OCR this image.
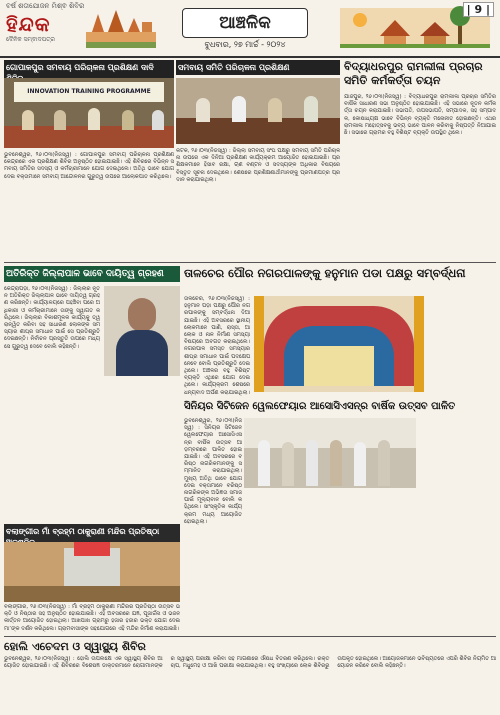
ବର୍ଷ ଶତାଯୋଜନ ମିଶ୍ଵ ଶିବିର
ହିନ୍ଦକ
ଦୈନିକ ସମ୍ବାଦପତ୍ର
ଆଞ୍ଚଳିକ
ବୁଧବାର, ୨୭ ମାର୍ଚ୍ଚ - ୨୦୨୪
| 9 |
ଗୋପାଳପୁର ସମବାୟ ପରିଚାଳନା ପ୍ରଶିକ୍ଷଣ ଦାଦି
INNOVATION TRAINING PROGRAMME
ଭୁବନେଶ୍ୱର, ୨୬।୦୩(ନିଜସ୍ୱ) : ଗୋପାଳପୁର ସମବାୟ ପରିଚାଳନା ପ୍ରଶିକ୍ଷଣ କେନ୍ଦ୍ରରେ ଏକ ପ୍ରଶିକ୍ଷଣ ଶିବିର ଅନୁଷ୍ଠିତ ହୋଇଯାଇଛି। ଏହି ଶିବିରରେ ବିଭିନ୍ନ ସମବାୟ ସମିତିର ସଦସ୍ୟ ଓ କର୍ମଚାରୀମାନେ ଯୋଗ ଦେଇଥିଲେ। ଅତିଥି ଭାବେ ଯୋଗ ଦେଇ ବକ୍ତାମାନେ ସମବାୟ ଆନ୍ଦୋଳନର ଗୁରୁତ୍ୱ ଉପରେ ଆଲୋକପାତ କରିଥିଲେ।
ସମବାୟ ସମିତି ପରିଚାଳନା ପ୍ରଶିକ୍ଷଣ
କଟକ, ୨୬।୦୩(ନିଜସ୍ୱ) : ଜିଲ୍ଲା ସମବାୟ ସଂଘ ପକ୍ଷରୁ ସମବାୟ ସମିତି ପରିଚାଳନା ଉପରେ ଏକ ଦିନିଆ ପ୍ରଶିକ୍ଷଣ କାର୍ଯ୍ୟକ୍ରମ ଆୟୋଜିତ ହୋଇଯାଇଛି। ପ୍ରଶିକ୍ଷକମାନେ ହିସାବ ରକ୍ଷା, ଋଣ ବଣ୍ଟନ ଓ ସଦସ୍ୟଙ୍କ ଅଧିକାର ବିଷୟରେ ବିସ୍ତୃତ ସୂଚନା ଦେଇଥିଲେ। ଶେଷରେ ପ୍ରଶିକ୍ଷଣାର୍ଥୀମାନଙ୍କୁ ପ୍ରମାଣପତ୍ର ପ୍ରଦାନ କରାଯାଇଥିଲା।
ବିଦ୍ୟାଧରପୁର ରାମଲୀଳା ପ୍ରଚାର ସମିତି କର୍ମକର୍ତ୍ତା ଚୟନ
ଯାଜପୁର, ୨୬।୦୩(ନିଜସ୍ୱ) : ବିଦ୍ୟାଧରପୁର ରାମଲୀଳା ପ୍ରଚାର ସମିତିର ବାର୍ଷିକ ସାଧାରଣ ସଭା ଅନୁଷ୍ଠିତ ହୋଇଯାଇଛି। ଏହି ସଭାରେ ନୂତନ କର୍ମକର୍ତ୍ତା ଚୟନ କରାଯାଇଛି। ସଭାପତି, ଉପସଭାପତି, ସମ୍ପାଦକ, ସହ ସମ୍ପାଦକ, କୋଷାଧ୍ୟକ୍ଷ ଭାବେ ବିଭିନ୍ନ ବ୍ୟକ୍ତି ମନୋନୀତ ହୋଇଛନ୍ତି। ଏଥର ରାମଲୀଳା ମହୋତ୍ସବକୁ ଭବ୍ୟ ଭାବେ ପାଳନ କରିବାକୁ ନିଷ୍ପତ୍ତି ନିଆଯାଇଛି। ସଭାରେ ଗ୍ରାମର ବହୁ ବିଶିଷ୍ଟ ବ୍ୟକ୍ତି ଉପସ୍ଥିତ ଥିଲେ।
ଅତିରିକ୍ତ ଜିଲ୍ଲାପାଳ ଭାବେ ଦାୟିତ୍ୱ ଗ୍ରହଣ
କେନ୍ଦ୍ରାପଡ଼ା, ୨୬।୦୩(ନିଜସ୍ୱ) : ଜିଲ୍ଲାର ନୂତନ ଅତିରିକ୍ତ ଜିଲ୍ଲାପାଳ ଭାବେ ଦାୟିତ୍ୱ ଗ୍ରହଣ କରିଛନ୍ତି। କାର୍ଯ୍ୟାଳୟରେ ପହଞ୍ଚିବା ପରେ ଅଧିକାରୀ ଓ କର୍ମଚାରୀମାନେ ତାଙ୍କୁ ସ୍ୱାଗତ କରିଥିଲେ। ଜିଲ୍ଲାର ବିକାଶମୂଳକ କାର୍ଯ୍ୟକୁ ତ୍ୱରାନ୍ୱିତ କରିବା ସହ ସାଧାରଣ ଲୋକଙ୍କ ସମସ୍ୟାର ଶୀଘ୍ର ସମାଧାନ ପାଇଁ ସେ ପ୍ରତିଶ୍ରୁତି ଦେଇଛନ୍ତି। ନିର୍ବାଚନ ପ୍ରସ୍ତୁତି ଉପରେ ମଧ୍ୟ ସେ ଗୁରୁତ୍ୱ ଦେବେ ବୋଲି କହିଛନ୍ତି।
ତାଳଚେର ପୌର ନଗରପାଳଙ୍କୁ ହନୁମାନ ପଡା ପକ୍ଷରୁ ସମ୍ବର୍ଦ୍ଧନା
ତାଳଚେର, ୨୬।୦୩(ନିଜସ୍ୱ) : ହନୁମାନ ପଡ଼ା ପକ୍ଷରୁ ପୌର ନଗରପାଳଙ୍କୁ ସମ୍ବର୍ଦ୍ଧନା ଦିଆଯାଇଛି। ଏହି ଅବସରରେ ସ୍ଥାନୀୟ ଲୋକମାନେ ପାଣି, ରାସ୍ତା, ଆଲୋକ ଓ ନାଳ ନିର୍ମାଣ ସମସ୍ୟା ବିଷୟରେ ଅବଗତ କରାଇଥିଲେ। ନଗରପାଳ ସମସ୍ତ ସମସ୍ୟାର ଶୀଘ୍ର ସମାଧାନ ପାଇଁ ପଦକ୍ଷେପ ନେବେ ବୋଲି ପ୍ରତିଶ୍ରୁତି ଦେଇଥିଲେ। ଅଞ୍ଚଳର ବହୁ ବିଶିଷ୍ଟ ବ୍ୟକ୍ତି ଏଥିରେ ଯୋଗ ଦେଇଥିଲେ। କାର୍ଯ୍ୟକ୍ରମ ଶେଷରେ ଧନ୍ୟବାଦ ଅର୍ପଣ କରାଯାଇଥିଲା।
ସିନିୟର ସିଟିଜେନ ୱେଲଫେୟାର ଆସୋସିଏସନ୍‌ର ବାର୍ଷିକ ଉତ୍ସବ ପାଳିତ
ଭୁବନେଶ୍ୱର, ୨୬।୦୩(ନିଜସ୍ୱ) : ସିନିୟର ସିଟିଜେନ ୱେଲଫେୟାର ଆସୋସିଏସନ୍‌ର ବାର୍ଷିକ ଉତ୍ସବ ଆଡ଼ମ୍ବରରେ ପାଳିତ ହୋଇଯାଇଛି। ଏହି ଅବସରରେ ବରିଷ୍ଠ ନାଗରିକମାନଙ୍କୁ ସମ୍ମାନିତ କରାଯାଇଥିଲା। ମୁଖ୍ୟ ଅତିଥି ଭାବେ ଯୋଗ ଦେଇ ବକ୍ତାମାନେ ବରିଷ୍ଠ ନାଗରିକଙ୍କ ଅଭିଜ୍ଞତା ସମାଜ ପାଇଁ ମୂଲ୍ୟବାନ ବୋଲି କହିଥିଲେ। ସାଂସ୍କୃତିକ କାର୍ଯ୍ୟକ୍ରମ ମଧ୍ୟ ଆୟୋଜିତ ହୋଇଥିଲା।
ବଲାଙ୍ଗୀର ମାଁ ବ୍ରହ୍ମ ଠାକୁରାଣୀ ମନ୍ଦିର ପ୍ରତିଷ୍ଠା
ବଲାଙ୍ଗୀର, ୨୬।୦୩(ନିଜସ୍ୱ) : ମାଁ ବ୍ରହ୍ମ ଠାକୁରାଣୀ ମନ୍ଦିରର ପ୍ରତିଷ୍ଠା ଉତ୍ସବ ଭକ୍ତି ଓ ନିଷ୍ଠାର ସହ ଅନୁଷ୍ଠିତ ହୋଇଯାଇଛି। ଏହି ଅବସରରେ ଯଜ୍ଞ, ପୂଜାର୍ଚ୍ଚନା ଓ ଭଜନ କୀର୍ତ୍ତନ ଆୟୋଜିତ ହୋଇଥିଲା। ଆଖପାଖ ଗ୍ରାମରୁ ହଜାର ହଜାର ଭକ୍ତ ଯୋଗ ଦେଇ ମା’ଙ୍କ ଦର୍ଶନ କରିଥିଲେ। ଗ୍ରାମବାସୀଙ୍କ ସହଯୋଗରେ ଏହି ମନ୍ଦିର ନିର୍ମାଣ କରାଯାଇଛି।
ହୋଲି ଏଚେଦମ ଓ ସ୍ୱାସ୍ଥ୍ୟ ଶିବିର
ଭୁବନେଶ୍ୱର, ୨୬।୦୩(ନିଜସ୍ୱ) : ହୋଲି ଉପଲକ୍ଷେ ଏକ ସ୍ୱାସ୍ଥ୍ୟ ଶିବିର ଆୟୋଜିତ ହୋଇଯାଇଛି। ଏହି ଶିବିରରେ ବିଶେଷଜ୍ଞ ଡାକ୍ତରମାନେ ରୋଗୀମାନଙ୍କର ସ୍ୱାସ୍ଥ୍ୟ ପରୀକ୍ଷା କରିବା ସହ ମାଗଣାରେ ଔଷଧ ବିତରଣ କରିଥିଲେ। ରକ୍ତଚାପ, ମଧୁମେହ ଓ ଆଖି ପରୀକ୍ଷା କରାଯାଇଥିଲା। ବହୁ ସଂଖ୍ୟାରେ ଲୋକ ଶିବିରରୁ ଉପକୃତ ହୋଇଥିଲେ। ଆୟୋଜକମାନେ ଭବିଷ୍ୟତରେ ଏପରି ଶିବିର ନିୟମିତ ଆୟୋଜନ କରିବେ ବୋଲି କହିଛନ୍ତି।
